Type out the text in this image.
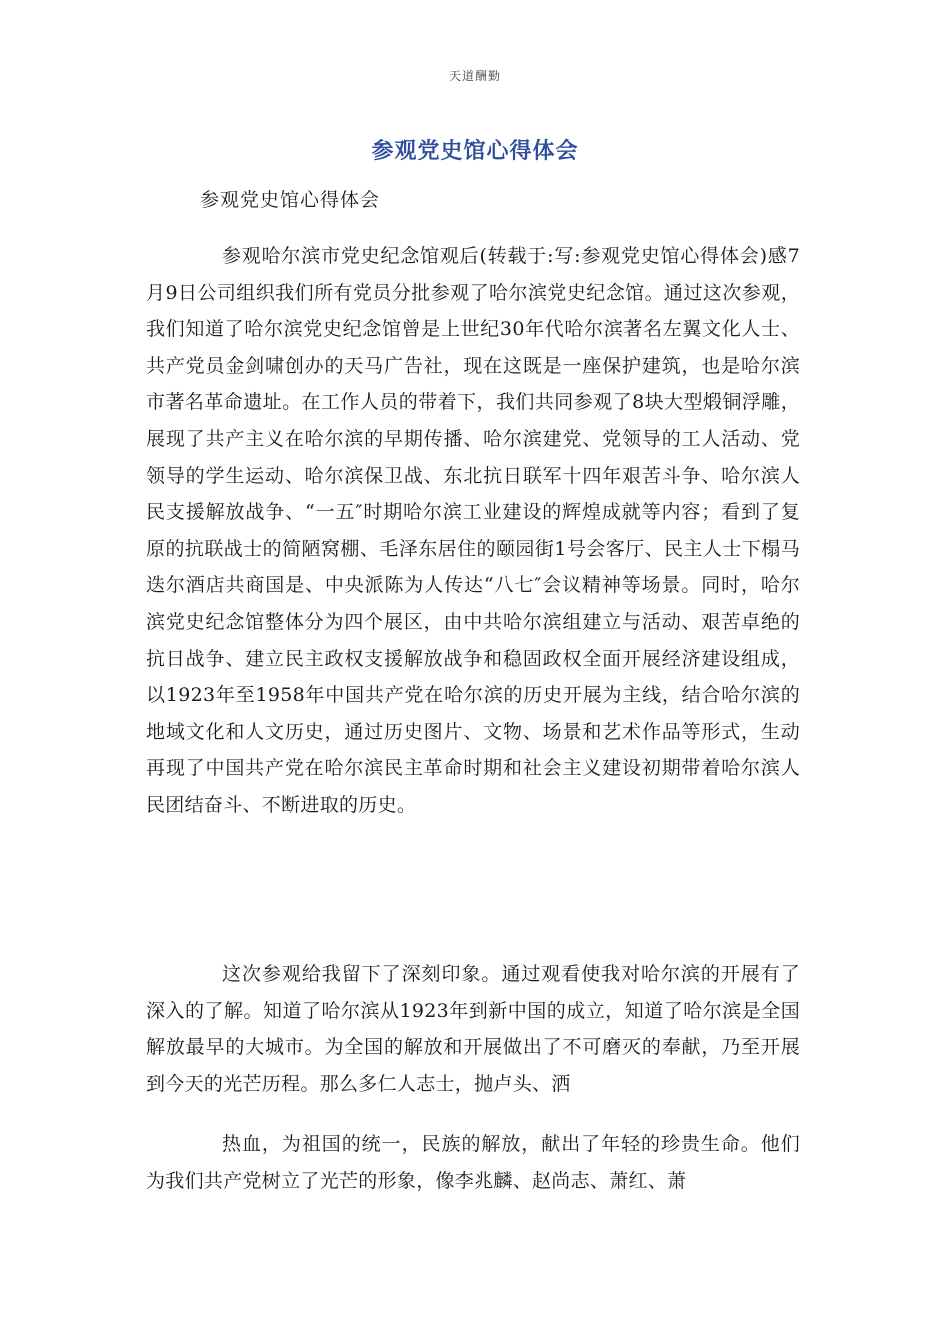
天道酬勤
参观党史馆心得体会
参观党史馆心得体会
参观哈尔滨市党史纪念馆观后(转载于:写:参观党史馆心得体会)感7月9日公司组织我们所有党员分批参观了哈尔滨党史纪念馆。通过这次参观，我们知道了哈尔滨党史纪念馆曾是上世纪30年代哈尔滨著名左翼文化人士、共产党员金剑啸创办的天马广告社，现在这既是一座保护建筑，也是哈尔滨市著名革命遗址。在工作人员的带着下，我们共同参观了8块大型煅铜浮雕，展现了共产主义在哈尔滨的早期传播、哈尔滨建党、党领导的工人活动、党领导的学生运动、哈尔滨保卫战、东北抗日联军十四年艰苦斗争、哈尔滨人民支援解放战争、“一五″时期哈尔滨工业建设的辉煌成就等内容；看到了复原的抗联战士的简陋窝棚、毛泽东居住的颐园街1号会客厅、民主人士下榻马迭尔酒店共商国是、中央派陈为人传达“八七″会议精神等场景。同时，哈尔滨党史纪念馆整体分为四个展区，由中共哈尔滨组建立与活动、艰苦卓绝的抗日战争、建立民主政权支援解放战争和稳固政权全面开展经济建设组成，以1923年至1958年中国共产党在哈尔滨的历史开展为主线，结合哈尔滨的地域文化和人文历史，通过历史图片、文物、场景和艺术作品等形式，生动再现了中国共产党在哈尔滨民主革命时期和社会主义建设初期带着哈尔滨人民团结奋斗、不断进取的历史。
这次参观给我留下了深刻印象。通过观看使我对哈尔滨的开展有了深入的了解。知道了哈尔滨从1923年到新中国的成立，知道了哈尔滨是全国解放最早的大城市。为全国的解放和开展做出了不可磨灭的奉献，乃至开展到今天的光芒历程。那么多仁人志士，抛卢头、洒
热血，为祖国的统一，民族的解放，献出了年轻的珍贵生命。他们为我们共产党树立了光芒的形象，像李兆麟、赵尚志、萧红、萧
